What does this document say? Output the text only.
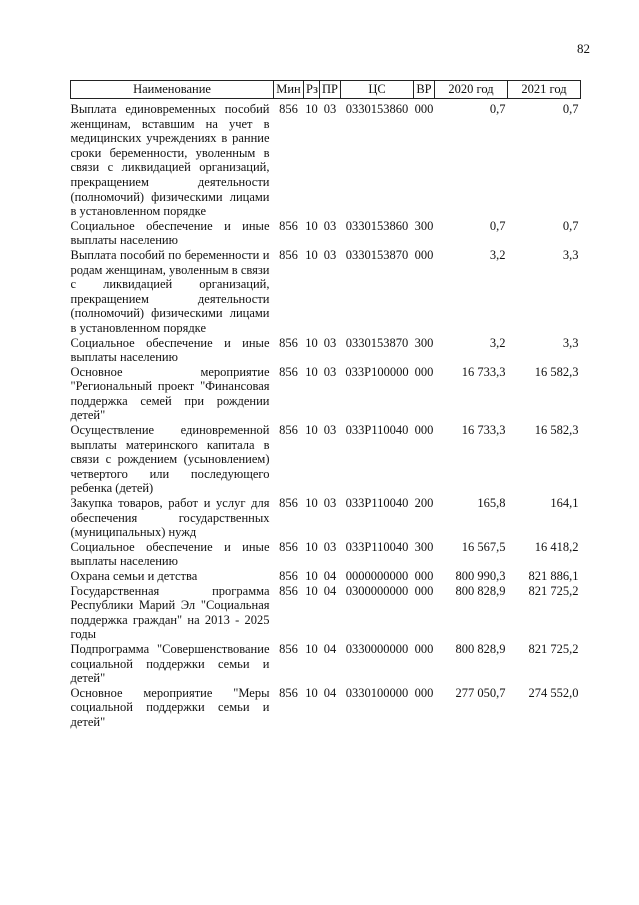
82
Наименование	Мин	Рз	ПР	ЦС	ВР	2020 год	2021 год
Выплата единовременных пособий женщинам, вставшим на учет в медицинских учреждениях в ранние сроки беременности, уволенным в связи с ликвидацией организаций, прекращением деятельности (полномочий) физическими лицами в установленном порядке	856	10	03	0330153860	000	0,7	0,7
Социальное обеспечение и иные выплаты населению	856	10	03	0330153860	300	0,7	0,7
Выплата пособий по беременности и родам женщинам, уволенным в связи с ликвидацией организаций, прекращением деятельности (полномочий) физическими лицами в установленном порядке	856	10	03	0330153870	000	3,2	3,3
Социальное обеспечение и иные выплаты населению	856	10	03	0330153870	300	3,2	3,3
Основное мероприятие "Региональный проект "Финансовая поддержка семей при рождении детей"	856	10	03	033P100000	000	16 733,3	16 582,3
Осуществление единовременной выплаты материнского капитала в связи с рождением (усыновлением) четвертого или последующего ребенка (детей)	856	10	03	033P110040	000	16 733,3	16 582,3
Закупка товаров, работ и услуг для обеспечения государственных (муниципальных) нужд	856	10	03	033P110040	200	165,8	164,1
Социальное обеспечение и иные выплаты населению	856	10	03	033P110040	300	16 567,5	16 418,2
Охрана семьи и детства	856	10	04	0000000000	000	800 990,3	821 886,1
Государственная программа Республики Марий Эл "Социальная поддержка граждан" на 2013 - 2025 годы	856	10	04	0300000000	000	800 828,9	821 725,2
Подпрограмма "Совершенствование социальной поддержки семьи и детей"	856	10	04	0330000000	000	800 828,9	821 725,2
Основное мероприятие "Меры социальной поддержки семьи и детей"	856	10	04	0330100000	000	277 050,7	274 552,0
